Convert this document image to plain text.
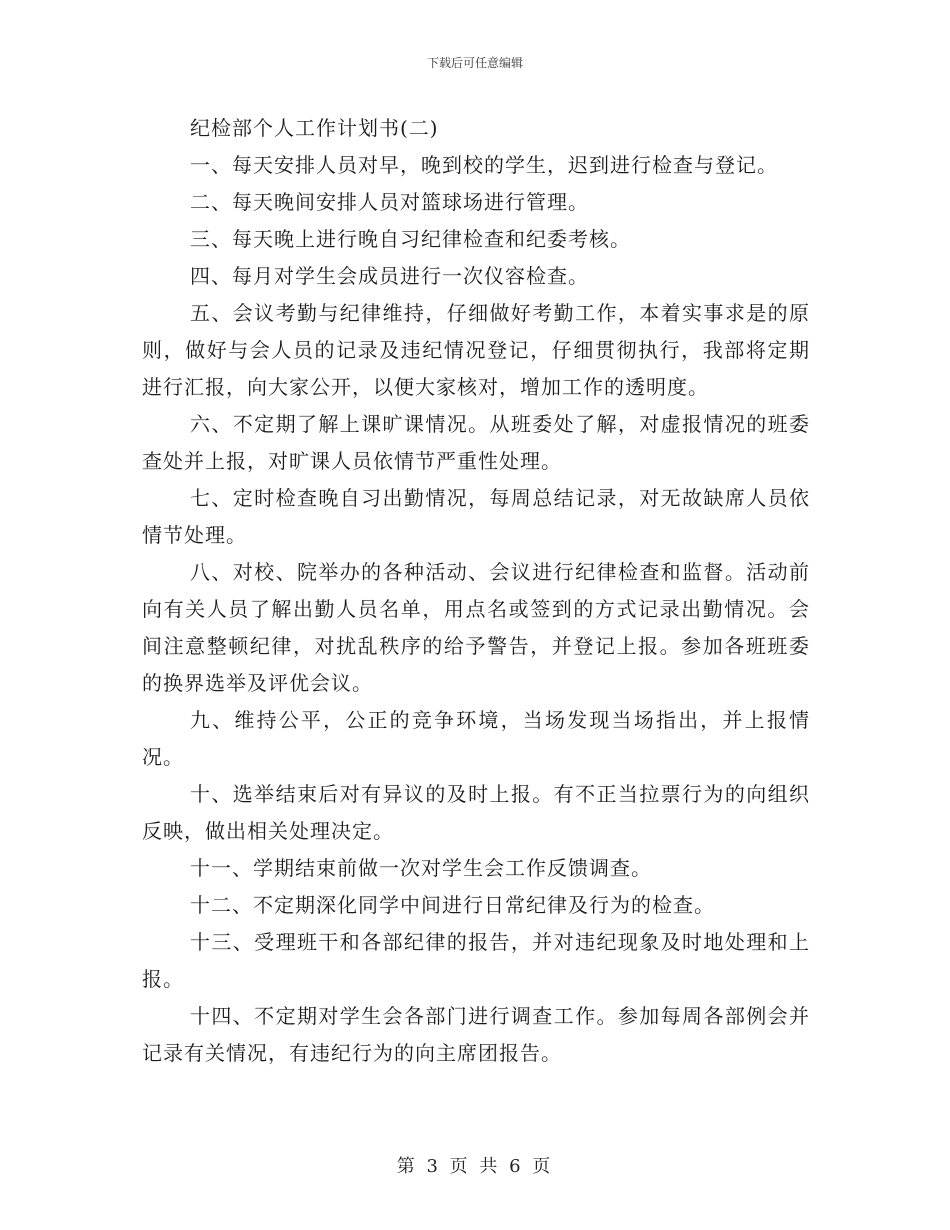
下载后可任意编辑

纪检部个人工作计划书(二)

一、每天安排人员对早，晚到校的学生，迟到进行检查与登记。

二、每天晚间安排人员对篮球场进行管理。

三、每天晚上进行晚自习纪律检查和纪委考核。

四、每月对学生会成员进行一次仪容检查。

五、会议考勤与纪律维持，仔细做好考勤工作，本着实事求是的原则，做好与会人员的记录及违纪情况登记，仔细贯彻执行，我部将定期进行汇报，向大家公开，以便大家核对，增加工作的透明度。

六、不定期了解上课旷课情况。从班委处了解，对虚报情况的班委查处并上报，对旷课人员依情节严重性处理。

七、定时检查晚自习出勤情况，每周总结记录，对无故缺席人员依情节处理。

八、对校、院举办的各种活动、会议进行纪律检查和监督。活动前向有关人员了解出勤人员名单，用点名或签到的方式记录出勤情况。会间注意整顿纪律，对扰乱秩序的给予警告，并登记上报。参加各班班委的换界选举及评优会议。

九、维持公平，公正的竞争环境，当场发现当场指出，并上报情况。

十、选举结束后对有异议的及时上报。有不正当拉票行为的向组织反映，做出相关处理决定。

十一、学期结束前做一次对学生会工作反馈调查。

十二、不定期深化同学中间进行日常纪律及行为的检查。

十三、受理班干和各部纪律的报告，并对违纪现象及时地处理和上报。

十四、不定期对学生会各部门进行调查工作。参加每周各部例会并记录有关情况，有违纪行为的向主席团报告。

第 3 页 共 6 页
